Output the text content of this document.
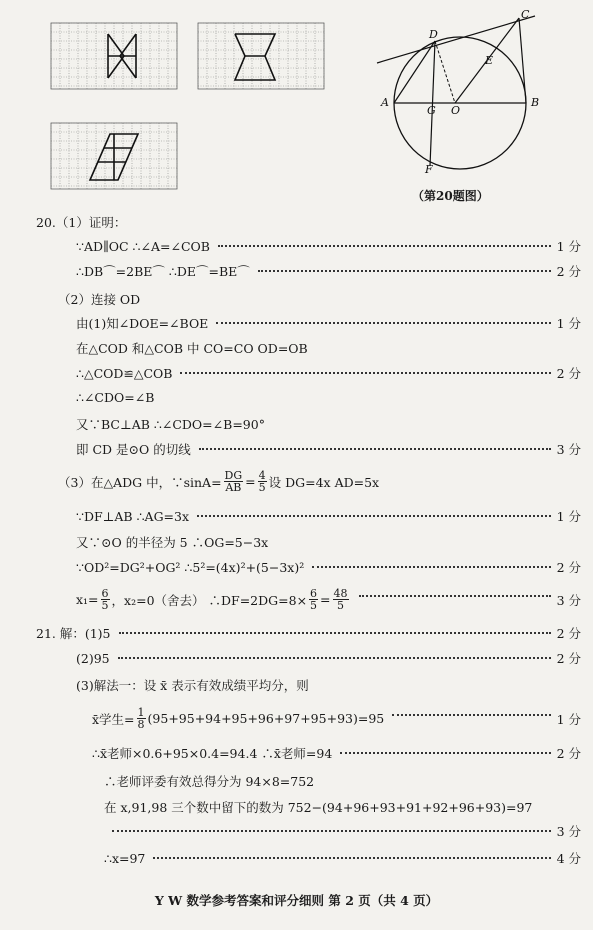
A	B
C
D
E
F
G O
（第20题图）
20.（1）证明：
∵AD∥OC ∴∠A=∠COB	1 分
∴DB⌒=2BE⌒ ∴DE⌒=BE⌒	2 分
（2）连接 OD
由(1)知∠DOE=∠BOE	1 分
在△COD 和△COB 中 CO=CO OD=OB
∴△COD≌△COB	2 分
∴∠CDO=∠B
又∵BC⊥AB ∴∠CDO=∠B=90°
即 CD 是⊙O 的切线	3 分
（3）在△ADG 中，∵sinA= $\frac{DG}{AB} = \frac{4}{5}$ 设 DG=4x AD=5x
∵DF⊥AB ∴AG=3x	1 分
又∵⊙O 的半径为 5 ∴OG=5−3x
∵OD²=DG²+OG² ∴5²=(4x)²+(5−3x)²	2 分
$x_1= \frac{6}{5}$ ，x₂=0（舍去） ∴DF=2DG=8× $\frac{6}{5} = \frac{48}{5}$	3 分
21. 解：(1)5	2 分
(2)95	2 分
(3)解法一：设 x̄ 表示有效成绩平均分，则
x̄学生= $\frac{1}{8} (95+95+94+95+96+97+95+93)=95$	1 分
∴x̄老师×0.6+95×0.4=94.4 ∴x̄老师=94	2 分
∴老师评委有效总得分为 94×8=752
在 x,91,98 三个数中留下的数为 752−(94+96+93+91+92+96+93)=97
3 分
∴x=97	4 分
Y W 数学参考答案和评分细则 第 2 页（共 4 页）
